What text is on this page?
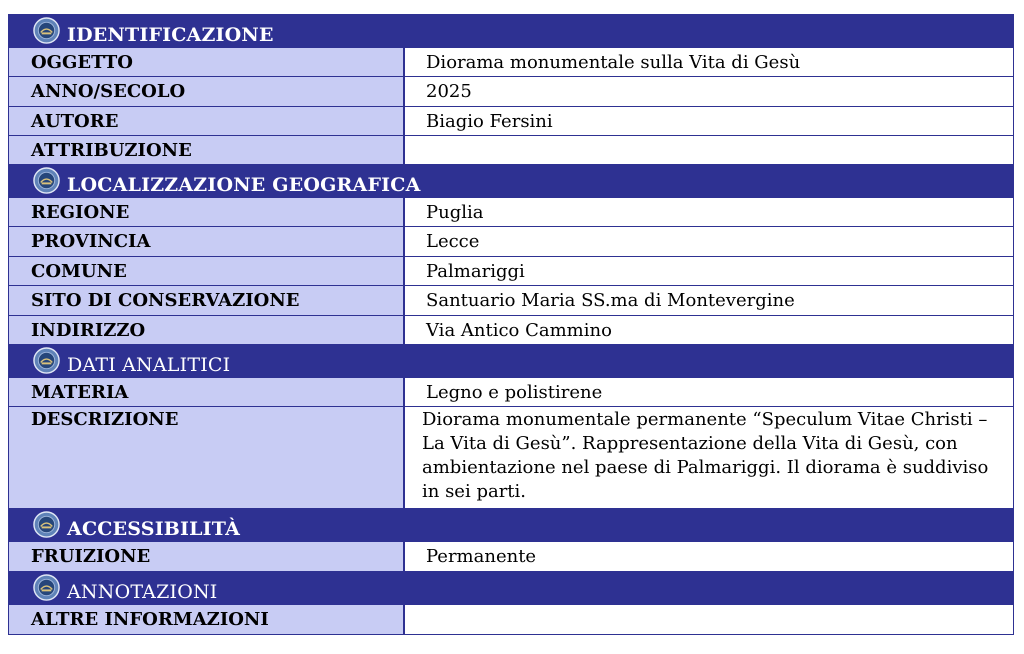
IDENTIFICAZIONE
OGGETTO	Diorama monumentale sulla Vita di Gesù
ANNO/SECOLO	2025
AUTORE	Biagio Fersini
ATTRIBUZIONE
LOCALIZZAZIONE GEOGRAFICA
REGIONE	Puglia
PROVINCIA	Lecce
COMUNE	Palmariggi
SITO DI CONSERVAZIONE	Santuario Maria SS.ma di Montevergine
INDIRIZZO	Via Antico Cammino
DATI ANALITICI
MATERIA	Legno e polistirene
DESCRIZIONE	Diorama monumentale permanente “Speculum Vitae Christi – La Vita di Gesù”. Rappresentazione della Vita di Gesù, con ambientazione nel paese di Palmariggi. Il diorama è suddiviso in sei parti.
ACCESSIBILITÀ
FRUIZIONE	Permanente
ANNOTAZIONI
ALTRE INFORMAZIONI
